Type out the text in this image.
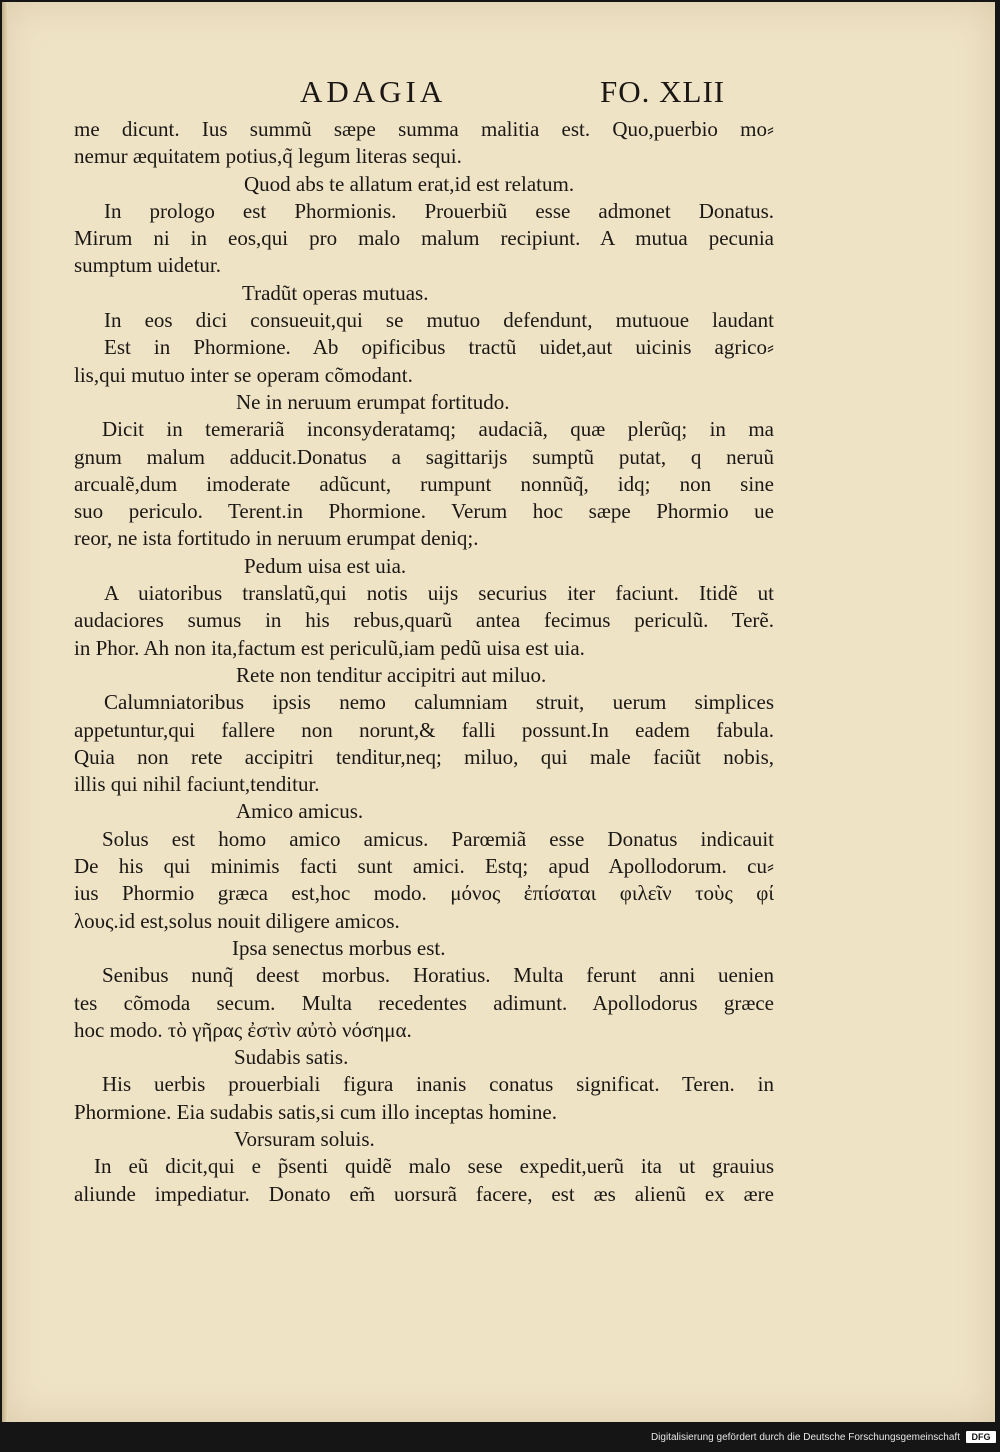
ADAGIA	FO. XLII
me dicunt. Ius summũ sæpe summa malitia est. Quo,puerbio mo⸗
nemur æquitatem potius,q̃ legum literas sequi.
Quod abs te allatum erat,id est relatum.
In prologo est Phormionis. Prouerbiũ esse admonet Donatus.
Mirum ni in eos,qui pro malo malum recipiunt. A mutua pecunia
sumptum uidetur.
Tradũt operas mutuas.
In eos dici consueuit,qui se mutuo defendunt, mutuoue laudant
Est in Phormione. Ab opificibus tractũ uidet,aut uicinis agrico⸗
lis,qui mutuo inter se operam cõmodant.
Ne in neruum erumpat fortitudo.
Dicit in temerariã inconsyderatamq; audaciã, quæ plerũq; in ma
gnum malum adducit.Donatus a sagittarijs sumptũ putat, q neruũ
arcualẽ,dum imoderate adũcunt, rumpunt nonnũq̃, idq; non sine
suo periculo. Terent.in Phormione. Verum hoc sæpe Phormio ue
reor, ne ista fortitudo in neruum erumpat deniq;.
Pedum uisa est uia.
A uiatoribus translatũ,qui notis uijs securius iter faciunt. Itidẽ ut
audaciores sumus in his rebus,quarũ antea fecimus periculũ. Terẽ.
in Phor. Ah non ita,factum est periculũ,iam pedũ uisa est uia.
Rete non tenditur accipitri aut miluo.
Calumniatoribus ipsis nemo calumniam struit, uerum simplices
appetuntur,qui fallere non norunt,& falli possunt.In eadem fabula.
Quia non rete accipitri tenditur,neq; miluo, qui male faciũt nobis,
illis qui nihil faciunt,tenditur.
Amico amicus.
Solus est homo amico amicus. Parœmiã esse Donatus indicauit
De his qui minimis facti sunt amici. Estq; apud Apollodorum. cu⸗
ius Phormio græca est,hoc modo. μόνος ἐπίσαται φιλεῖν τοὺς φί
λους.id est,solus nouit diligere amicos.
Ipsa senectus morbus est.
Senibus nunq̃ deest morbus. Horatius. Multa ferunt anni uenien
tes cõmoda secum. Multa recedentes adimunt. Apollodorus græce
hoc modo. τὸ γῆρας ἐστὶν αὐτὸ νόσημα.
Sudabis satis.
His uerbis prouerbiali figura inanis conatus significat. Teren. in
Phormione. Eia sudabis satis,si cum illo inceptas homine.
Vorsuram soluis.
In eũ dicit,qui e p̃senti quidẽ malo sese expedit,uerũ ita ut grauius
aliunde impediatur. Donato em̃ uorsurã facere, est æs alienũ ex ære
Digitalisierung gefördert durch die Deutsche Forschungsgemeinschaft	DFG
